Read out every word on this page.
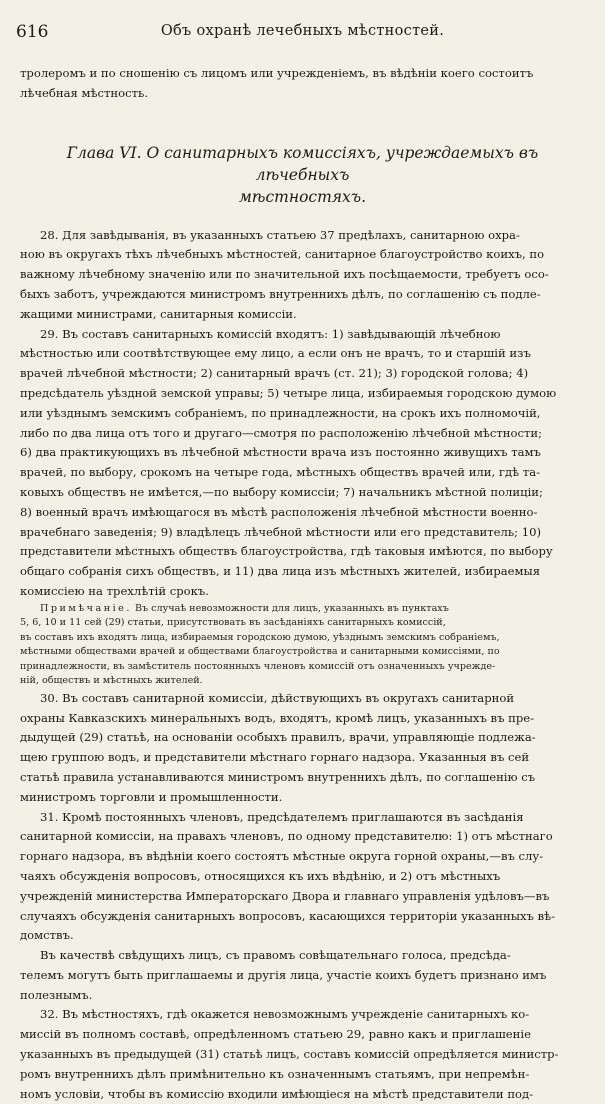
616	Объ охранѣ лечебныхъ мѣстностей.
тролеромъ и по сношенію съ лицомъ или учрежденіемъ, въ вѣдѣніи коего состоитъ
лѣчебная мѣстность.
Глава VI. О санитарныхъ комиссіяхъ, учреждаемыхъ въ лѣчебныхъ
мѣстностяхъ.
28. Для завѣдыванія, въ указанныхъ статьею 37 предѣлахъ, санитарною охра-
ною въ округахъ тѣхъ лѣчебныхъ мѣстностей, санитарное благоустройство коихъ, по
важному лѣчебному значенію или по значительной ихъ посѣщаемости, требуетъ осо-
быхъ заботъ, учреждаются министромъ внутреннихъ дѣлъ, по соглашенію съ подле-
жащими министрами, санитарныя комиссіи.
29. Въ составъ санитарныхъ комиссій входятъ: 1) завѣдывающій лѣчебною
мѣстностью или соотвѣтствующее ему лицо, а если онъ не врачъ, то и старшій изъ
врачей лѣчебной мѣстности; 2) санитарный врачъ (ст. 21); 3) городской голова; 4)
предсѣдатель уѣздной земской управы; 5) четыре лица, избираемыя городскою думою
или уѣзднымъ земскимъ собраніемъ, по принадлежности, на срокъ ихъ полномочій,
либо по два лица отъ того и другаго—смотря по расположенію лѣчебной мѣстности;
6) два практикующихъ въ лѣчебной мѣстности врача изъ постоянно живущихъ тамъ
врачей, по выбору, срокомъ на четыре года, мѣстныхъ обществъ врачей или, гдѣ та-
ковыхъ обществъ не имѣется,—по выбору комиссіи; 7) начальникъ мѣстной полиціи;
8) военный врачъ имѣющагося въ мѣстѣ расположенія лѣчебной мѣстности военно-
врачебнаго заведенія; 9) владѣлецъ лѣчебной мѣстности или его представитель; 10)
представители мѣстныхъ обществъ благоустройства, гдѣ таковыя имѣются, по выбору
общаго собранія сихъ обществъ, и 11) два лица изъ мѣстныхъ жителей, избираемыя
комиссіею на трехлѣтій срокъ.
Примѣчаніе. Въ случаѣ невозможности для лицъ, указанныхъ въ пунктахъ
5, 6, 10 и 11 сей (29) статьи, присутствовать въ засѣданіяхъ санитарныхъ комиссій,
въ составъ ихъ входятъ лица, избираемыя городскою думою, уѣзднымъ земскимъ собраніемъ,
мѣстными обществами врачей и обществами благоустройства и санитарными комиссіями, по
принадлежности, въ замѣститель постоянныхъ членовъ комиссій отъ означенныхъ учрежде-
ній, обществъ и мѣстныхъ жителей.
30. Въ составъ санитарной комиссіи, дѣйствующихъ въ округахъ санитарной
охраны Кавказскихъ минеральныхъ водъ, входятъ, кромѣ лицъ, указанныхъ въ пре-
дыдущей (29) статьѣ, на основаніи особыхъ правилъ, врачи, управляющіе подлежа-
щею группою водъ, и представители мѣстнаго горнаго надзора. Указанныя въ сей
статьѣ правила устанавливаются министромъ внутреннихъ дѣлъ, по соглашенію съ
министромъ торговли и промышленности.
31. Кромѣ постоянныхъ членовъ, предсѣдателемъ приглашаются въ засѣданія
санитарной комиссіи, на правахъ членовъ, по одному представителю: 1) отъ мѣстнаго
горнаго надзора, въ вѣдѣніи коего состоятъ мѣстные округа горной охраны,—въ слу-
чаяхъ обсужденія вопросовъ, относящихся къ ихъ вѣдѣнію, и 2) отъ мѣстныхъ
учрежденій министерства Императорскаго Двора и главнаго управленія удѣловъ—въ
случаяхъ обсужденія санитарныхъ вопросовъ, касающихся территоріи указанныхъ вѣ-
домствъ.
Въ качествѣ свѣдущихъ лицъ, съ правомъ совѣщательнаго голоса, предсѣда-
телемъ могутъ быть приглашаемы и другія лица, участіе коихъ будетъ признано имъ
полезнымъ.
32. Въ мѣстностяхъ, гдѣ окажется невозможнымъ учрежденіе санитарныхъ ко-
миссій въ полномъ составѣ, опредѣленномъ статьею 29, равно какъ и приглашеніе
указанныхъ въ предыдущей (31) статьѣ лицъ, составъ комиссій опредѣляется министр-
ромъ внутреннихъ дѣлъ примѣнительно къ означеннымъ статьямъ, при непремѣн-
номъ условіи, чтобы въ комиссію входили имѣющіеся на мѣстѣ представители под-
